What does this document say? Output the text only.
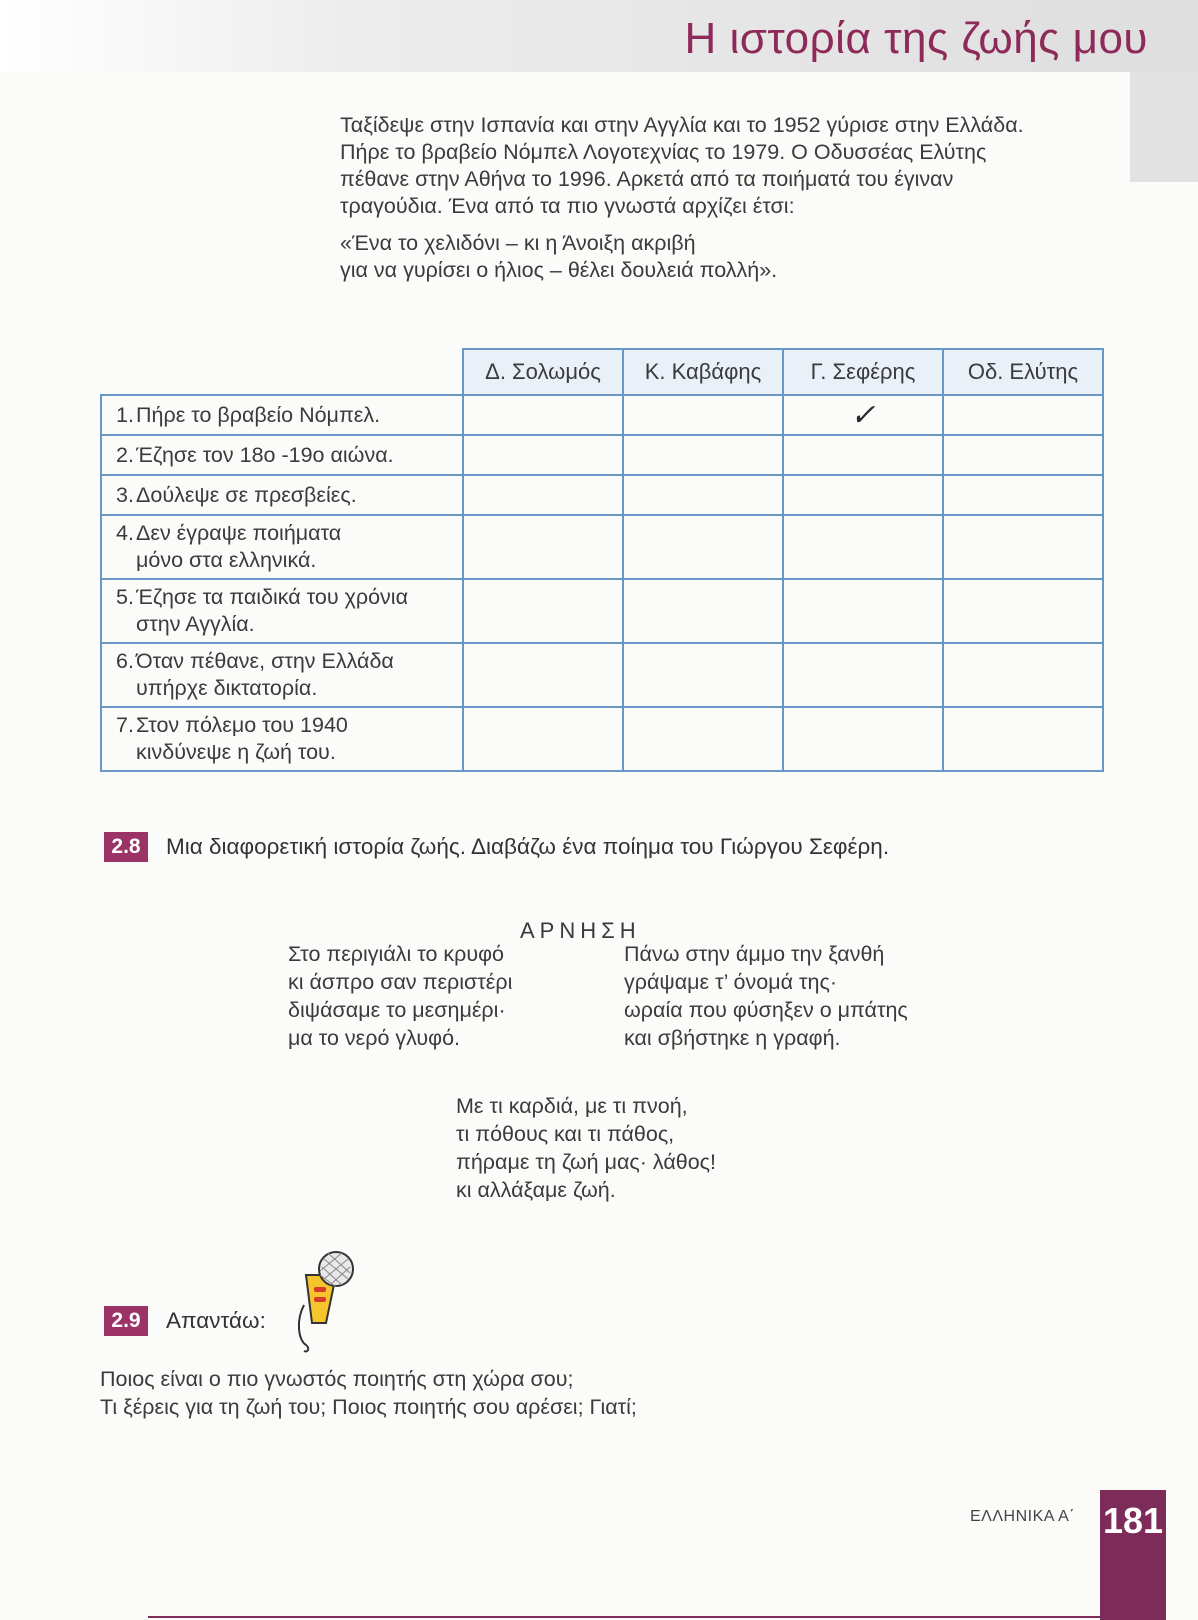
Η ιστορία της ζωής μου

Ταξίδεψε στην Ισπανία και στην Αγγλία και το 1952 γύρισε στην Ελλάδα.

Πήρε το βραβείο Νόμπελ Λογοτεχνίας το 1979. Ο Οδυσσέας Ελύτης

πέθανε στην Αθήνα το 1996. Αρκετά από τα ποιήματά του έγιναν

τραγούδια. Ένα από τα πιο γνωστά αρχίζει έτσι:

«Ένα το χελιδόνι – κι η Άνοιξη ακριβή

για να γυρίσει ο ήλιος – θέλει δουλειά πολλή».

	Δ. Σολωμός	Κ. Καβάφης	Γ. Σεφέρης	Οδ. Ελύτης
1. Πήρε το βραβείο Νόμπελ.			✓	
2. Έζησε τον 18ο -19ο αιώνα.				

3. Δούλεψε σε πρεσβείες.				

4. Δεν έγραψε ποιήματα
μόνο στα ελληνικά.				

5. Έζησε τα παιδικά του χρόνια
στην Αγγλία.				

6. Όταν πέθανε, στην Ελλάδα
υπήρχε δικτατορία.				

7. Στον πόλεμο του 1940
κινδύνεψε η ζωή του.				

2.8	Μια διαφορετική ιστορία ζωής. Διαβάζω ένα ποίημα του Γιώργου Σεφέρη.
ΑΡΝΗΣΗ
Στο περιγιάλι το κρυφό
κι άσπρο σαν περιστέρι
διψάσαμε το μεσημέρι·
μα το νερό γλυφό.
Πάνω στην άμμο την ξανθή
γράψαμε τ’ όνομά της·
ωραία που φύσηξεν ο μπάτης
και σβήστηκε η γραφή.
Με τι καρδιά, με τι πνοή,
τι πόθους και τι πάθος,
πήραμε τη ζωή μας· λάθος!
κι αλλάξαμε ζωή.
2.9	Απαντάω:
Ποιος είναι ο πιο γνωστός ποιητής στη χώρα σου;
Τι ξέρεις για τη ζωή του; Ποιος ποιητής σου αρέσει; Γιατί;
ΕΛΛΗΝΙΚΑ Α΄ 181
